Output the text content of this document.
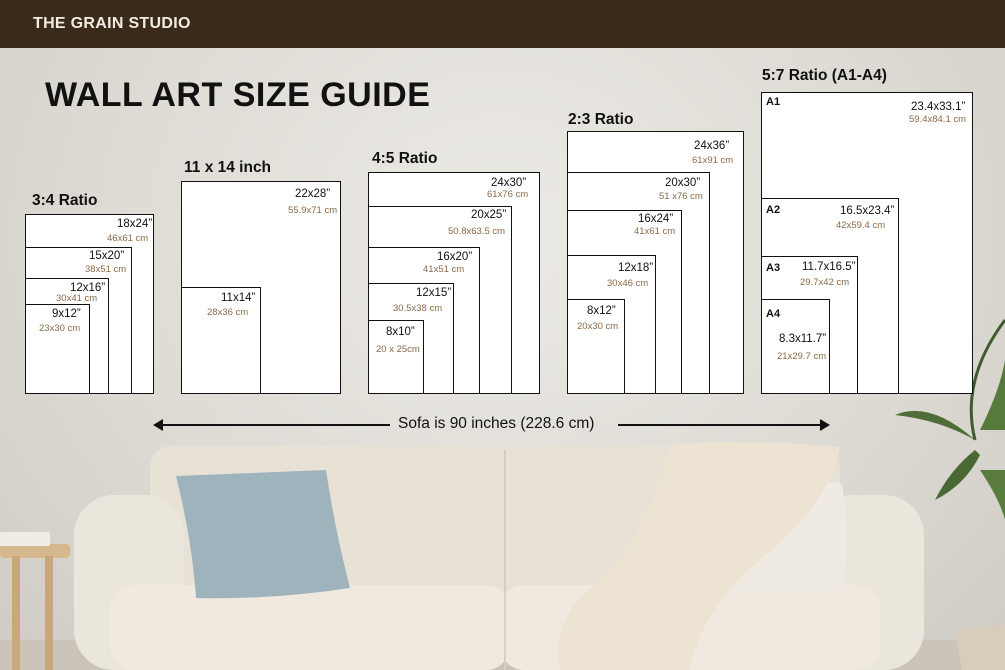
THE GRAIN STUDIO
WALL ART SIZE GUIDE
3:4 Ratio
18x24”
46x61 cm
15x20”
38x51 cm
12x16”
30x41 cm
9x12”
23x30 cm
11 x 14 inch
22x28”
55.9x71 cm
11x14”
28x36 cm
4:5 Ratio
24x30”
61x76 cm
20x25”
50.8x63.5 cm
16x20”
41x51 cm
12x15”
30.5x38 cm
8x10”
20 x 25cm
2:3 Ratio
24x36”
61x91 cm
20x30”
51 x76 cm
16x24”
41x61 cm
12x18”
30x46 cm
8x12”
20x30 cm
5:7 Ratio (A1-A4)
A1	23.4x33.1”
59.4x84.1 cm
A2	16.5x23.4”
42x59.4 cm
A3 11.7x16.5”
29.7x42 cm
A4
8.3x11.7”
21x29.7 cm
Sofa is 90 inches (228.6 cm)
